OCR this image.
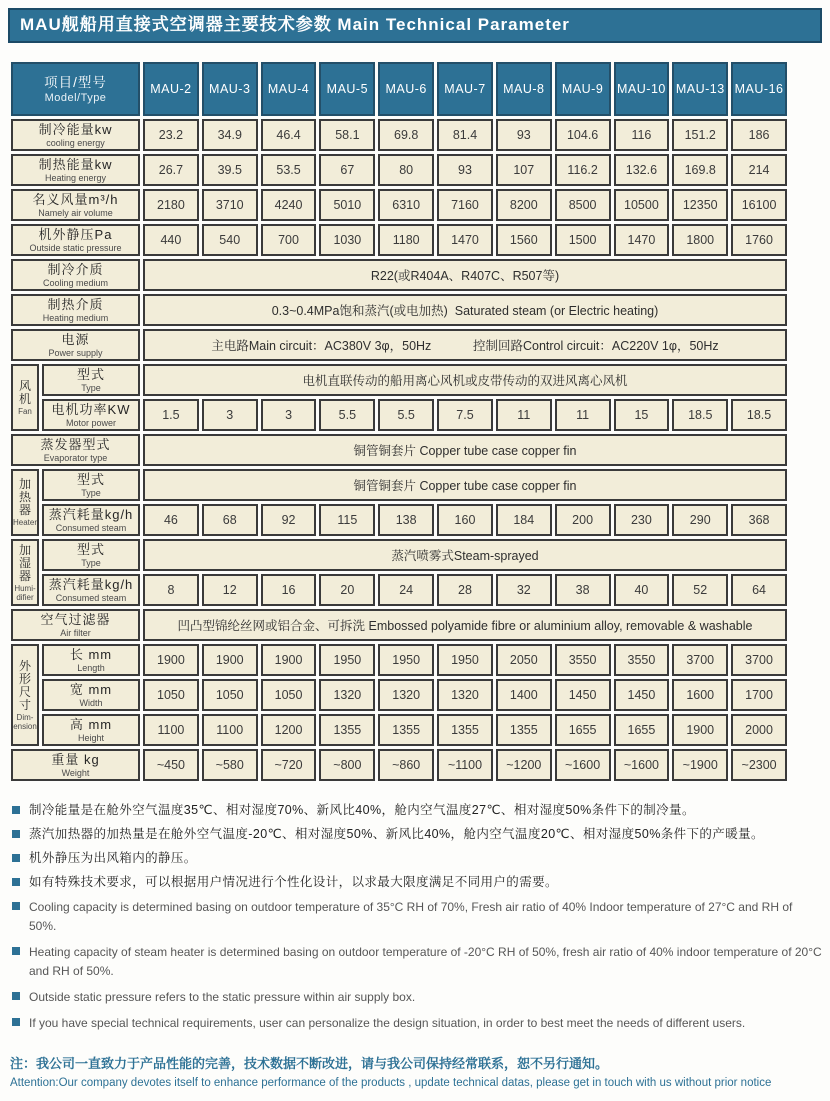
MAU舰船用直接式空调器主要技术参数 Main Technical Parameter
项目/型号
Model/Type		MAU-2	MAU-3	MAU-4	MAU-5	MAU-6	MAU-7	MAU-8	MAU-9	MAU-10	MAU-13	MAU-16

制冷能量kw
cooling energy		23.2	34.9	46.4	58.1	69.8	81.4	93	104.6	116	151.2	186

制热能量kw
Heating energy		26.7	39.5	53.5	67	80	93	107	116.2	132.6	169.8	214

名义风量m³/h
Namely air volume		2180	3710	4240	5010	6310	7160	8200	8500	10500	12350	16100

机外静压Pa
Outside static pressure		440	540	700	1030	1180	1470	1560	1500	1470	1800	1760

制冷介质
Cooling medium		R22(或R404A、R407C、R507等)										

制热介质
Heating medium		0.3~0.4MPa饱和蒸汽(或电加热)  Saturated steam (or Electric heating)										

电源
Power supply		主电路Main circuit：AC380V 3φ，50Hz            控制回路Control circuit：AC220V 1φ，50Hz										

风
机
Fan

型式
Type	电机直联传动的船用离心风机或皮带传动的双进风离心风机

	电机功率KW
Motor power	1.5	3	3	5.5	5.5	7.5	11	11	15	18.5	18.5

蒸发器型式
Evaporator type		铜管铜套片 Copper tube case copper fin										

加
热
器
Heater

型式
Type	铜管铜套片 Copper tube case copper fin

	蒸汽耗量kg/h
Consumed steam	46	68	92	115	138	160	184	200	230	290	368

加
湿
器
Humi-difier

型式
Type	蒸汽喷雾式Steam-sprayed

	蒸汽耗量kg/h
Consumed steam	8	12	16	20	24	28	32	38	40	52	64

空气过滤器
Air filter		凹凸型锦纶丝网或铝合金、可拆洗 Embossed polyamide fibre or aluminium alloy, removable & washable										

外
形
尺
寸
Dim-ension

长 mm
Length
	1900	1900	1900	1950	1950	1950	2050	3550	3550	3700	3700

	宽 mm
Width	1050	1050	1050	1320	1320	1320	1400	1450	1450	1600	1700

	高 mm
Height	1100	1100	1200	1355	1355	1355	1355	1655	1655	1900	2000

重量 kg
Weight		~450	~580	~720	~800	~860	~1100	~1200	~1600	~1600	~1900	~2300
制冷能量是在舱外空气温度35℃、相对湿度70%、新风比40%，舱内空气温度27℃、相对湿度50%条件下的制冷量。
蒸汽加热器的加热量是在舱外空气温度-20℃、相对湿度50%、新风比40%，舱内空气温度20℃、相对湿度50%条件下的产暖量。
机外静压为出风箱内的静压。
如有特殊技术要求，可以根据用户情况进行个性化设计，以求最大限度满足不同用户的需要。
Cooling capacity is determined basing on outdoor temperature of 35°C RH of 70%, Fresh air ratio of 40% Indoor temperature of 27°C and RH of 50%.
Heating capacity of steam heater is determined basing on outdoor temperature of -20°C RH of 50%, fresh air ratio of 40% indoor temperature of 20°C and RH of 50%.
Outside static pressure refers to the static pressure within air supply box.
If you have special technical requirements, user can personalize the design situation, in order to best meet the needs of different users.
注：我公司一直致力于产品性能的完善，技术数据不断改进，请与我公司保持经常联系，恕不另行通知。
Attention:Our company devotes itself to enhance performance of the products , update technical datas, please get in touch with us without prior notice
